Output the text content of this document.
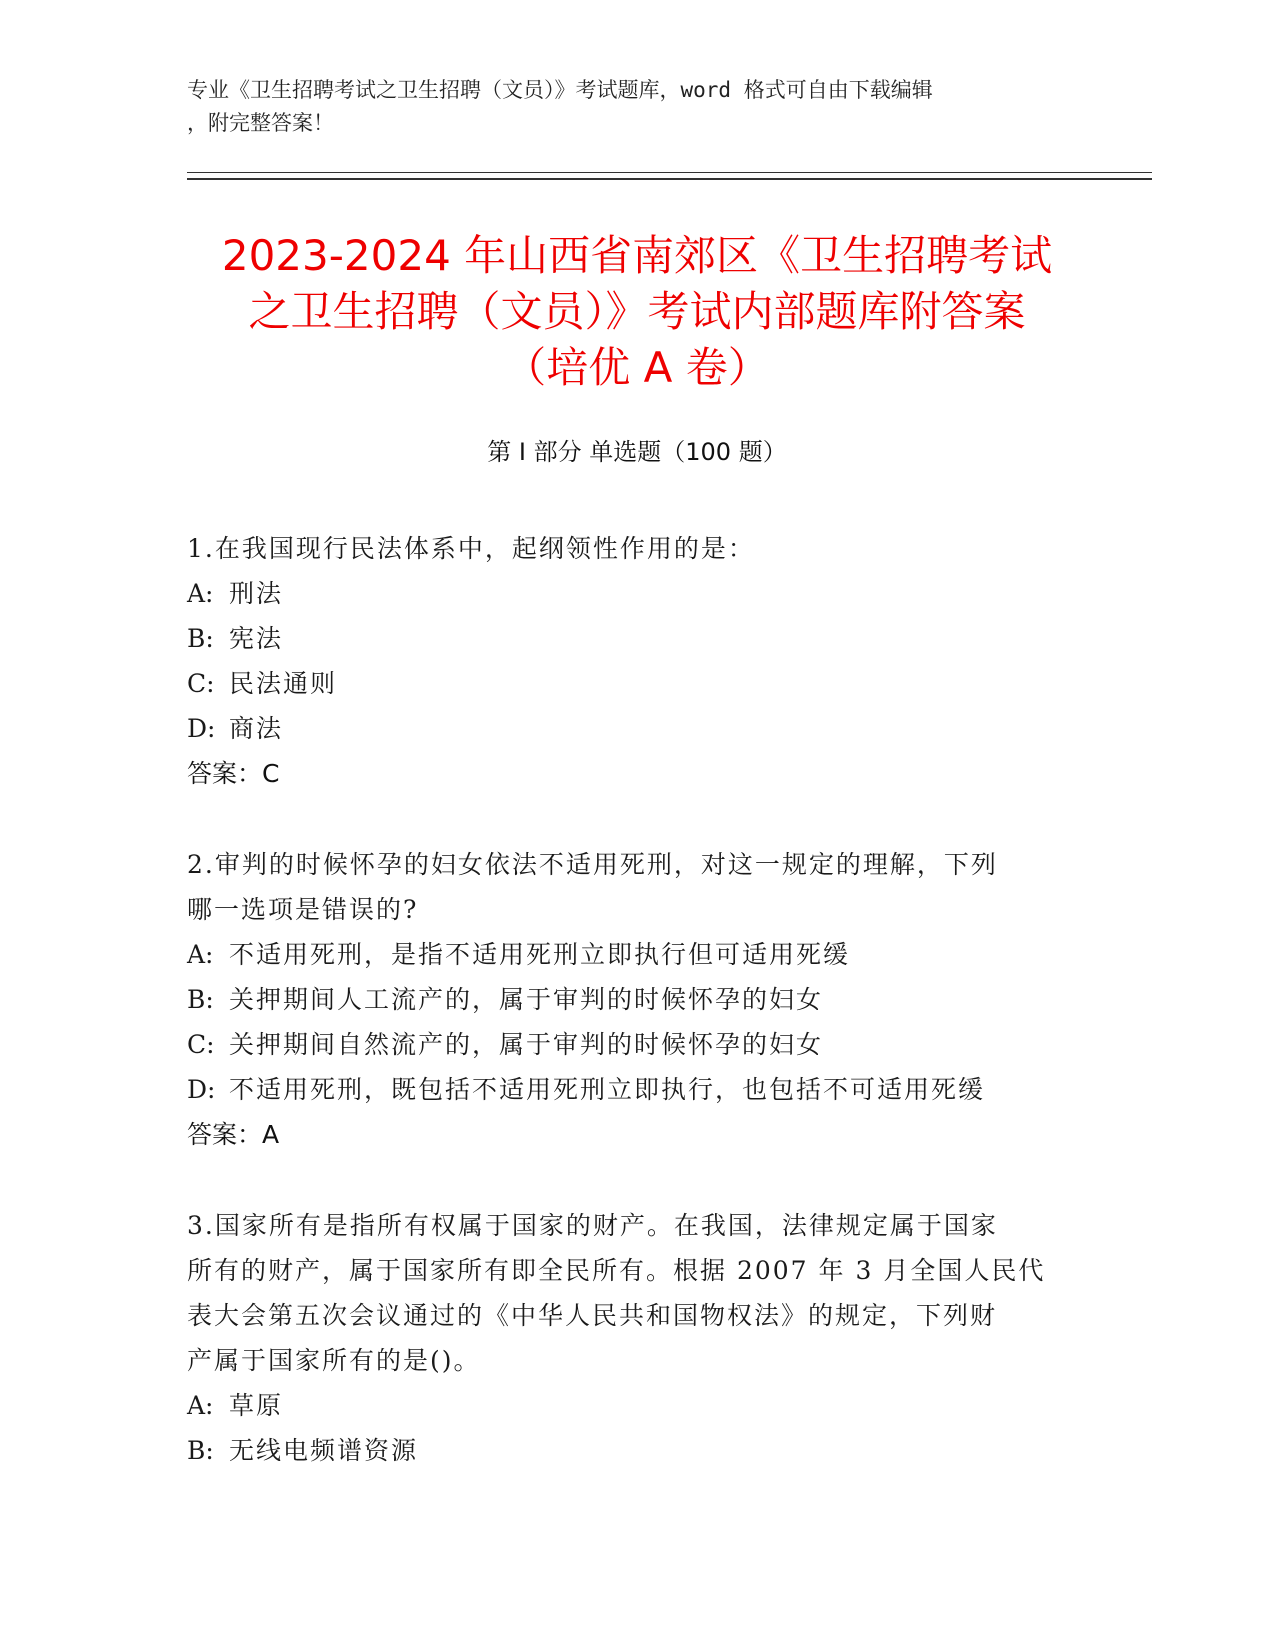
专业《卫生招聘考试之卫生招聘（文员）》考试题库，word 格式可自由下载编辑
，附完整答案！
2023-2024 年山西省南郊区《卫生招聘考试
之卫生招聘（文员）》考试内部题库附答案
（培优 A 卷）
第 I 部分 单选题（100 题）
1.在我国现行民法体系中，起纲领性作用的是：
A: 刑法
B: 宪法
C: 民法通则
D: 商法
答案：C
2.审判的时候怀孕的妇女依法不适用死刑，对这一规定的理解，下列
哪一选项是错误的?
A: 不适用死刑，是指不适用死刑立即执行但可适用死缓
B: 关押期间人工流产的，属于审判的时候怀孕的妇女
C: 关押期间自然流产的，属于审判的时候怀孕的妇女
D: 不适用死刑，既包括不适用死刑立即执行，也包括不可适用死缓
答案：A
3.国家所有是指所有权属于国家的财产。在我国，法律规定属于国家
所有的财产，属于国家所有即全民所有。根据 2007 年 3 月全国人民代
表大会第五次会议通过的《中华人民共和国物权法》的规定，下列财
产属于国家所有的是()。
A: 草原
B: 无线电频谱资源
